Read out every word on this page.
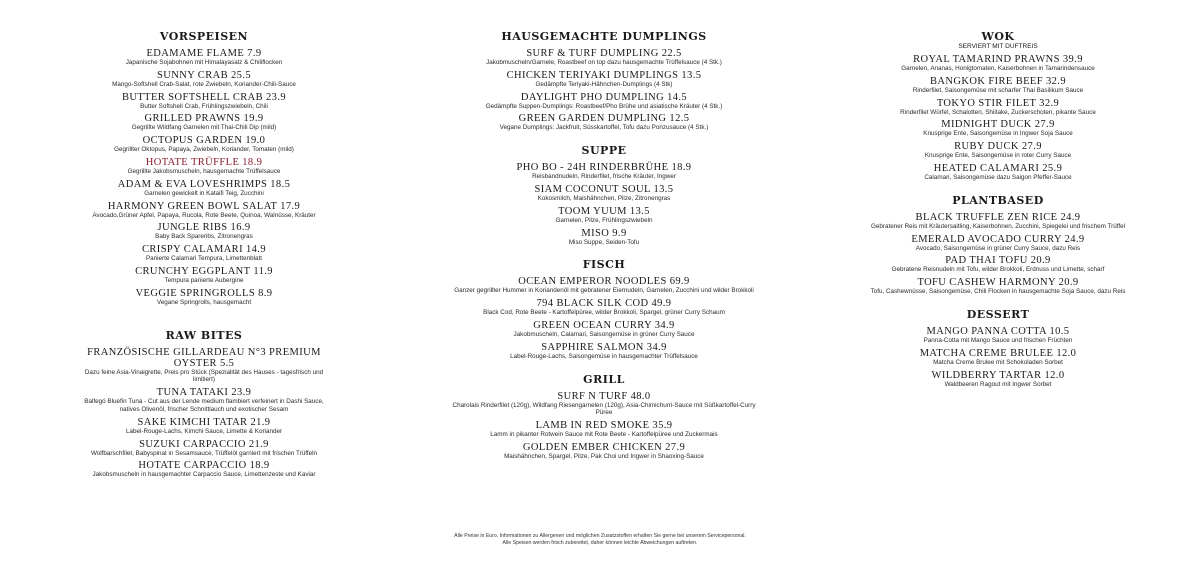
VORSPEISEN
EDAMAME FLAME 7.9
Japanische Sojabohnen mit Himalayasalz & Chiliflocken
SUNNY CRAB 25.5
Mango-Softshell Crab-Salat, rote Zwiebeln, Koriander-Chili-Sauce
BUTTER SOFTSHELL CRAB 23.9
Butter Softshell Crab, Frühlingszwiebeln, Chili
GRILLED PRAWNS 19.9
Gegrillte Wildfang Garnelen mit Thai-Chili Dip (mild)
OCTOPUS GARDEN 19.0
Gegrillter Oktopus, Papaya, Zwiebeln, Koriander, Tomaten (mild)
HOTATE TRÜFFLE 18.9
Gegrillte Jakobsmuscheln, hausgemachte Trüffelsauce
ADAM & EVA LOVESHRIMPS 18.5
Garnelen gewickelt in Kataifi Teig, Zucchini
HARMONY GREEN BOWL SALAT 17.9
Avocado,Grüner Apfel, Papaya, Rucola, Rote Beete, Quinoa, Walnüsse, Kräuter
JUNGLE RIBS 16.9
Baby Back Spareribs, Zitronengras
CRISPY CALAMARI 14.9
Panierte Calamari Tempura, Limettenblatt
CRUNCHY EGGPLANT 11.9
Tempura panierte Aubergine
VEGGIE SPRINGROLLS 8.9
Vegane Springrolls, hausgemacht
RAW BITES
FRANZÖSISCHE GILLARDEAU N°3 PREMIUM OYSTER 5.5
Dazu feine Asia-Vinaigrette, Preis pro Stück (Spezialität des Hauses - tagesfrisch und limitiert)
TUNA TATAKI 23.9
Balfegó Bluefin Tuna - Cut aus der Lende medium flambiert verfeinert in Dashi Sauce, natives Olivenöl, frischer Schnittlauch und exotischer Sesam
SAKE KIMCHI TATAR 21.9
Label-Rouge-Lachs, Kimchi Sauce, Limette & Koriander
SUZUKI CARPACCIO 21.9
Wolfbarschfilet, Babyspinat in Sesamsauce, Trüffelöl garniert mit frischen Trüffeln
HOTATE CARPACCIO 18.9
Jakobsmuscheln in hausgemachter Carpaccio Sauce, Limettenzeste und Kaviar
HAUSGEMACHTE DUMPLINGS
SURF & TURF DUMPLING 22.5
Jakobmuscheln/Garnele, Roastbeef on top dazu hausgemachte Trüffelsauce (4 Stk.)
CHICKEN TERIYAKI DUMPLINGS 13.5
Gedämpfte Teriyaki-Hähnchen-Dumplings (4 Stk)
DAYLIGHT PHO DUMPLING 14.5
Gedämpfte Suppen-Dumplings: Roastbeef/Pho Brühe und asiatische Kräuter (4 Stk.)
GREEN GARDEN DUMPLING 12.5
Vegane Dumplings: Jackfruit, Süsskartoffel, Tofu dazu Ponzusauce (4 Stk.)
SUPPE
PHO BO - 24H RINDERBRÜHE 18.9
Reisbandnudeln, Rinderfilet, frische Kräuter, Ingwer
SIAM COCONUT SOUL 13.5
Kokosmilch, Maishähnchen, Pilze, Zitronengras
TOOM YUUM 13.5
Garnelen, Pilze, Frühlingszwiebeln
MISO 9.9
Miso Suppe, Seiden-Tofu
FISCH
OCEAN EMPEROR NOODLES 69.9
Ganzer gegrillter Hummer in Koriandenöl mit gebratener Eiernudeln, Garnelen, Zucchini und wilder Brokkoli
794 BLACK SILK COD 49.9
Black Cod, Rote Beete - Kartoffelpüree, wilder Brokkoli, Spargel, grüner Curry Schaum
GREEN OCEAN CURRY 34.9
Jakobmuscheln, Calamari, Saisongemüse in grüner Curry Sauce
SAPPHIRE SALMON 34.9
Label-Rouge-Lachs, Saisongemüse in hausgemachter Trüffelsauce
GRILL
SURF N TURF 48.0
Charolais Rinderfilet (120g), Wildfang Riesengarnelen (120g), Asia-Chimichurri-Sauce mit Süßkartoffel-Curry Püree
LAMB IN RED SMOKE 35.9
Lamm in pikanter Rotwein Sauce mit Rote Beete - Kartoffelpüree und Zuckermais
GOLDEN EMBER CHICKEN 27.9
Maishähnchen, Spargel, Pilze, Pak Choi und Ingwer in Shaoxing-Sauce
WOK
SERVIERT MIT DUFTREIS
ROYAL TAMARIND PRAWNS 39.9
Garnelen, Ananas, Honigtomaten, Kaiserbohnen in Tamarindensauce
BANGKOK FIRE BEEF 32.9
Rinderfilet, Saisongemüse mit scharfer Thai Basilikum Sauce
TOKYO STIR FILET 32.9
Rinderfilet Würfel, Schalotten, Shiitake, Zuckerschoten, pikante Sauce
MIDNIGHT DUCK 27.9
Knusprige Ente, Saisongemüse in Ingwer Soja Sauce
RUBY DUCK 27.9
Knusprige Ente, Saisongemüse in roter Curry Sauce
HEATED CALAMARI 25.9
Calamari, Saisongemüse dazu Saigon Pfeffer-Sauce
PLANTBASED
BLACK TRUFFLE ZEN RICE 24.9
Gebratener Reis mit Kräutersaitling, Kaiserbohnen, Zucchini, Spiegelei und frischem Trüffel
EMERALD AVOCADO CURRY 24.9
Avocado, Saisongemüse in grüner Curry Sauce, dazu Reis
PAD THAI TOFU 20.9
Gebratene Reisnudeln mit Tofu, wilder Brokkoli, Erdnuss und Limette, scharf
TOFU CASHEW HARMONY 20.9
Tofu, Cashewnüsse, Saisongemüse, Chili Flocken in hausgemachte Soja Sauce, dazu Reis
DESSERT
MANGO PANNA COTTA 10.5
Panna-Cotta mit Mango Sauce und frischen Früchten
MATCHA CREME BRULEE 12.0
Matcha Creme Brulee mit Schokoladen Sorbet
WILDBERRY TARTAR 12.0
Waldbeeren Ragout mit Ingwer Sorbet
Alle Preise in Euro. Informationen zu Allergenen und möglichen Zusatzstoffen erhalten Sie gerne bei unserem Servicepersonal.
Alle Speisen werden frisch zubereitet, daher können leichte Abweichungen auftreten.
